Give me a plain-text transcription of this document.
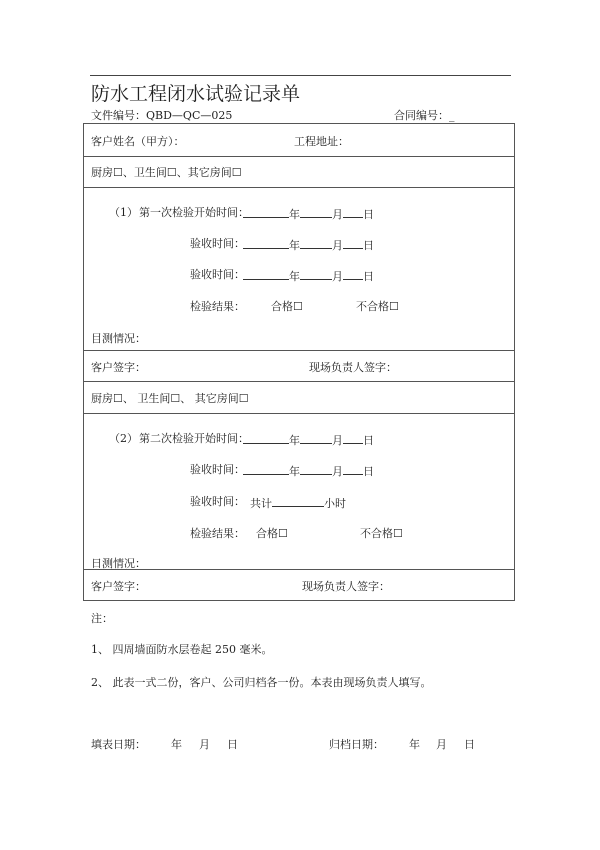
防水工程闭水试验记录单
文件编号：QBD—QC—025	合同编号：_
客户姓名（甲方）：	工程地址：
厨房☐、卫生间☐、其它房间☐
（1） 第一次检验开始时间：	年	月 日
验收时间：	年	月 日
验收时间：	年	月 日
检验结果： 合格☐	不合格☐
目测情况：
客户签字：	现场负责人签字：
厨房☐、 卫生间☐、 其它房间☐
（2） 第二次检验开始时间：	年	月 日
验收时间：	年	月 日
验收时间： 共计	小时
检验结果： 合格☐	不合格☐
日测情况：
客户签字：	现场负责人签字：
注：
1、 四周墙面防水层卷起 250 毫米。
2、 此表一式二份，客户、公司归档各一份。本表由现场负责人填写。
填表日期： 年 月 日	归档日期： 年 月 日
